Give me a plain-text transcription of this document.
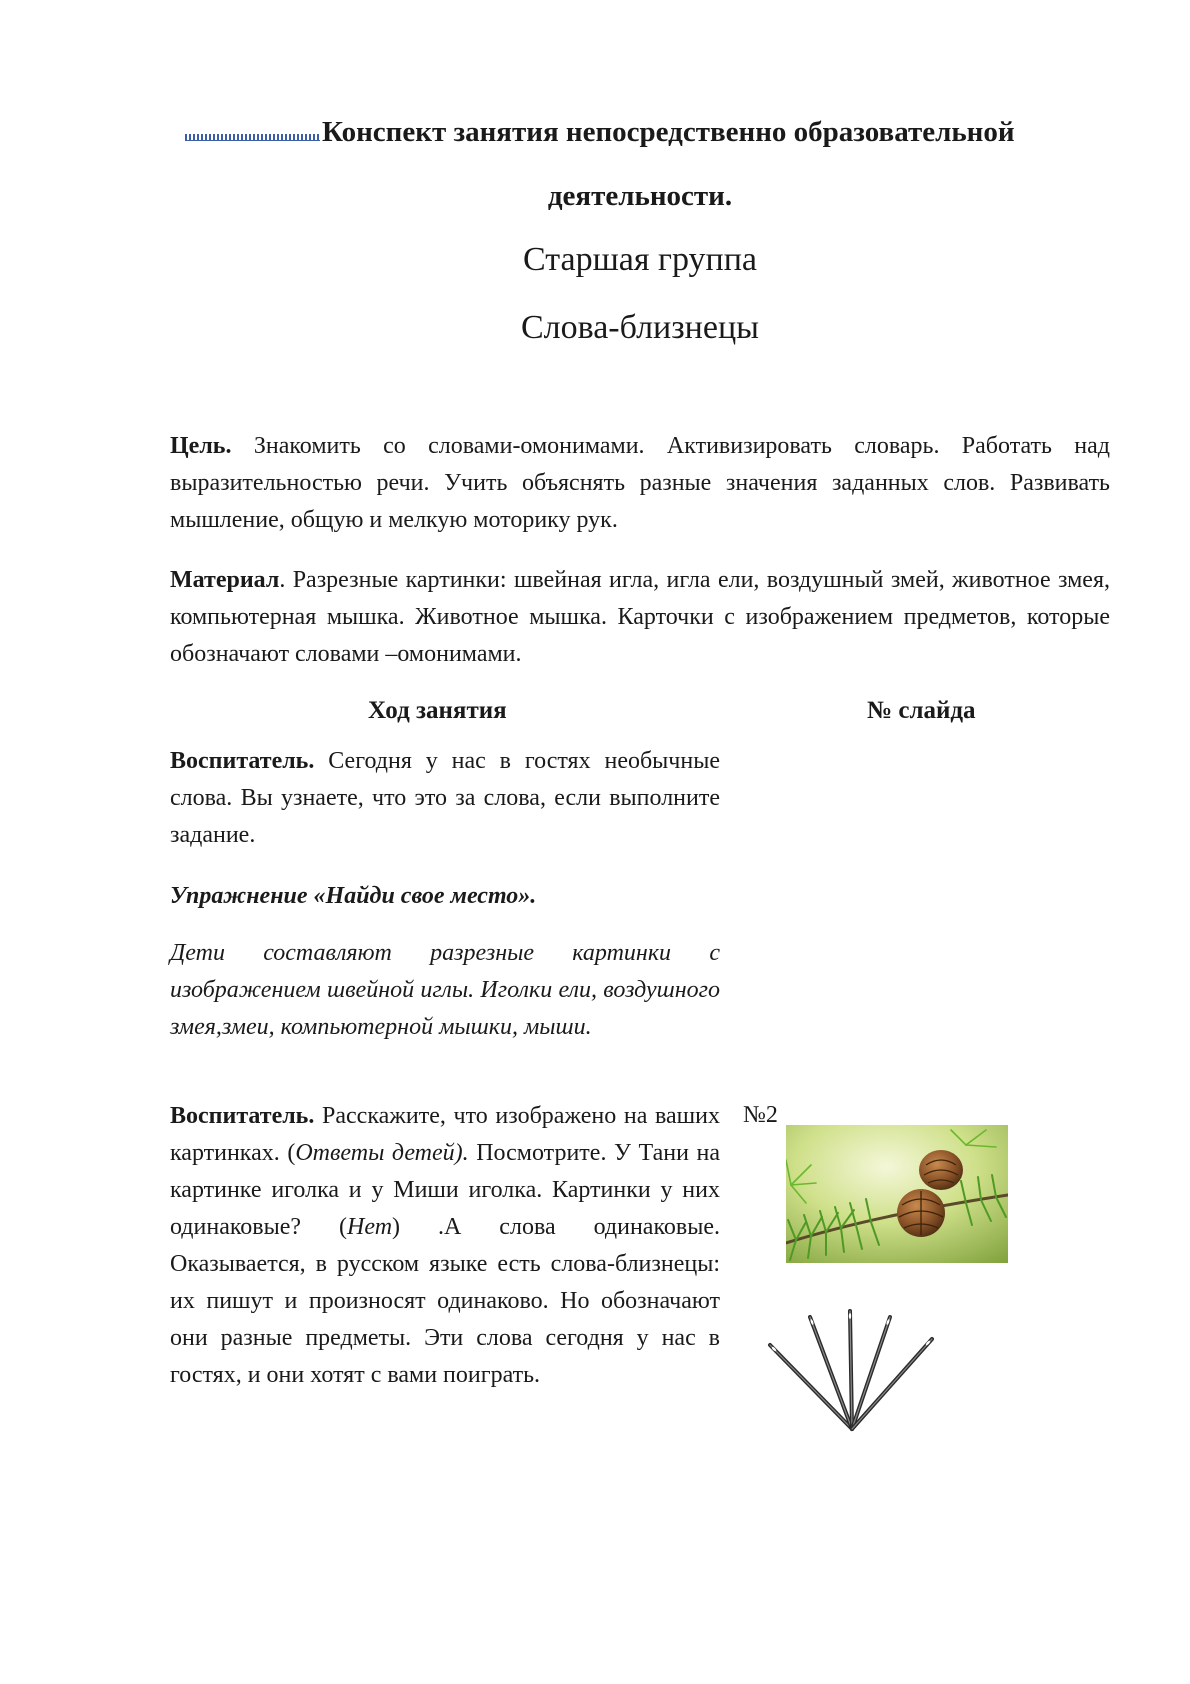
Конспект занятия непосредственно образовательной
деятельности.
Старшая группа
Слова-близнецы
Цель. Знакомить со словами-омонимами. Активизировать словарь. Работать над выразительностью речи. Учить объяснять разные значения заданных слов. Развивать мышление, общую и мелкую моторику рук.
Материал. Разрезные картинки: швейная игла, игла ели, воздушный змей, животное змея, компьютерная мышка. Животное мышка. Карточки с изображением предметов, которые обозначают словами –омонимами.
Ход занятия	№ слайда
Воспитатель. Сегодня у нас в гостях необычные слова. Вы узнаете, что это за слова, если выполните задание.
Упражнение «Найди свое место».
Дети составляют разрезные картинки с изображением швейной иглы. Иголки ели, воздушного змея,змеи, компьютерной мышки, мыши.
Воспитатель. Расскажите, что изображено на ваших картинках. (Ответы детей). Посмотрите. У Тани на картинке иголка и у Миши иголка. Картинки у них одинаковые? (Нет) .А слова одинаковые. Оказывается, в русском языке есть слова-близнецы: их пишут и произносят одинаково. Но обозначают они разные предметы. Эти слова сегодня у нас в гостях, и они хотят с вами поиграть.
№2
